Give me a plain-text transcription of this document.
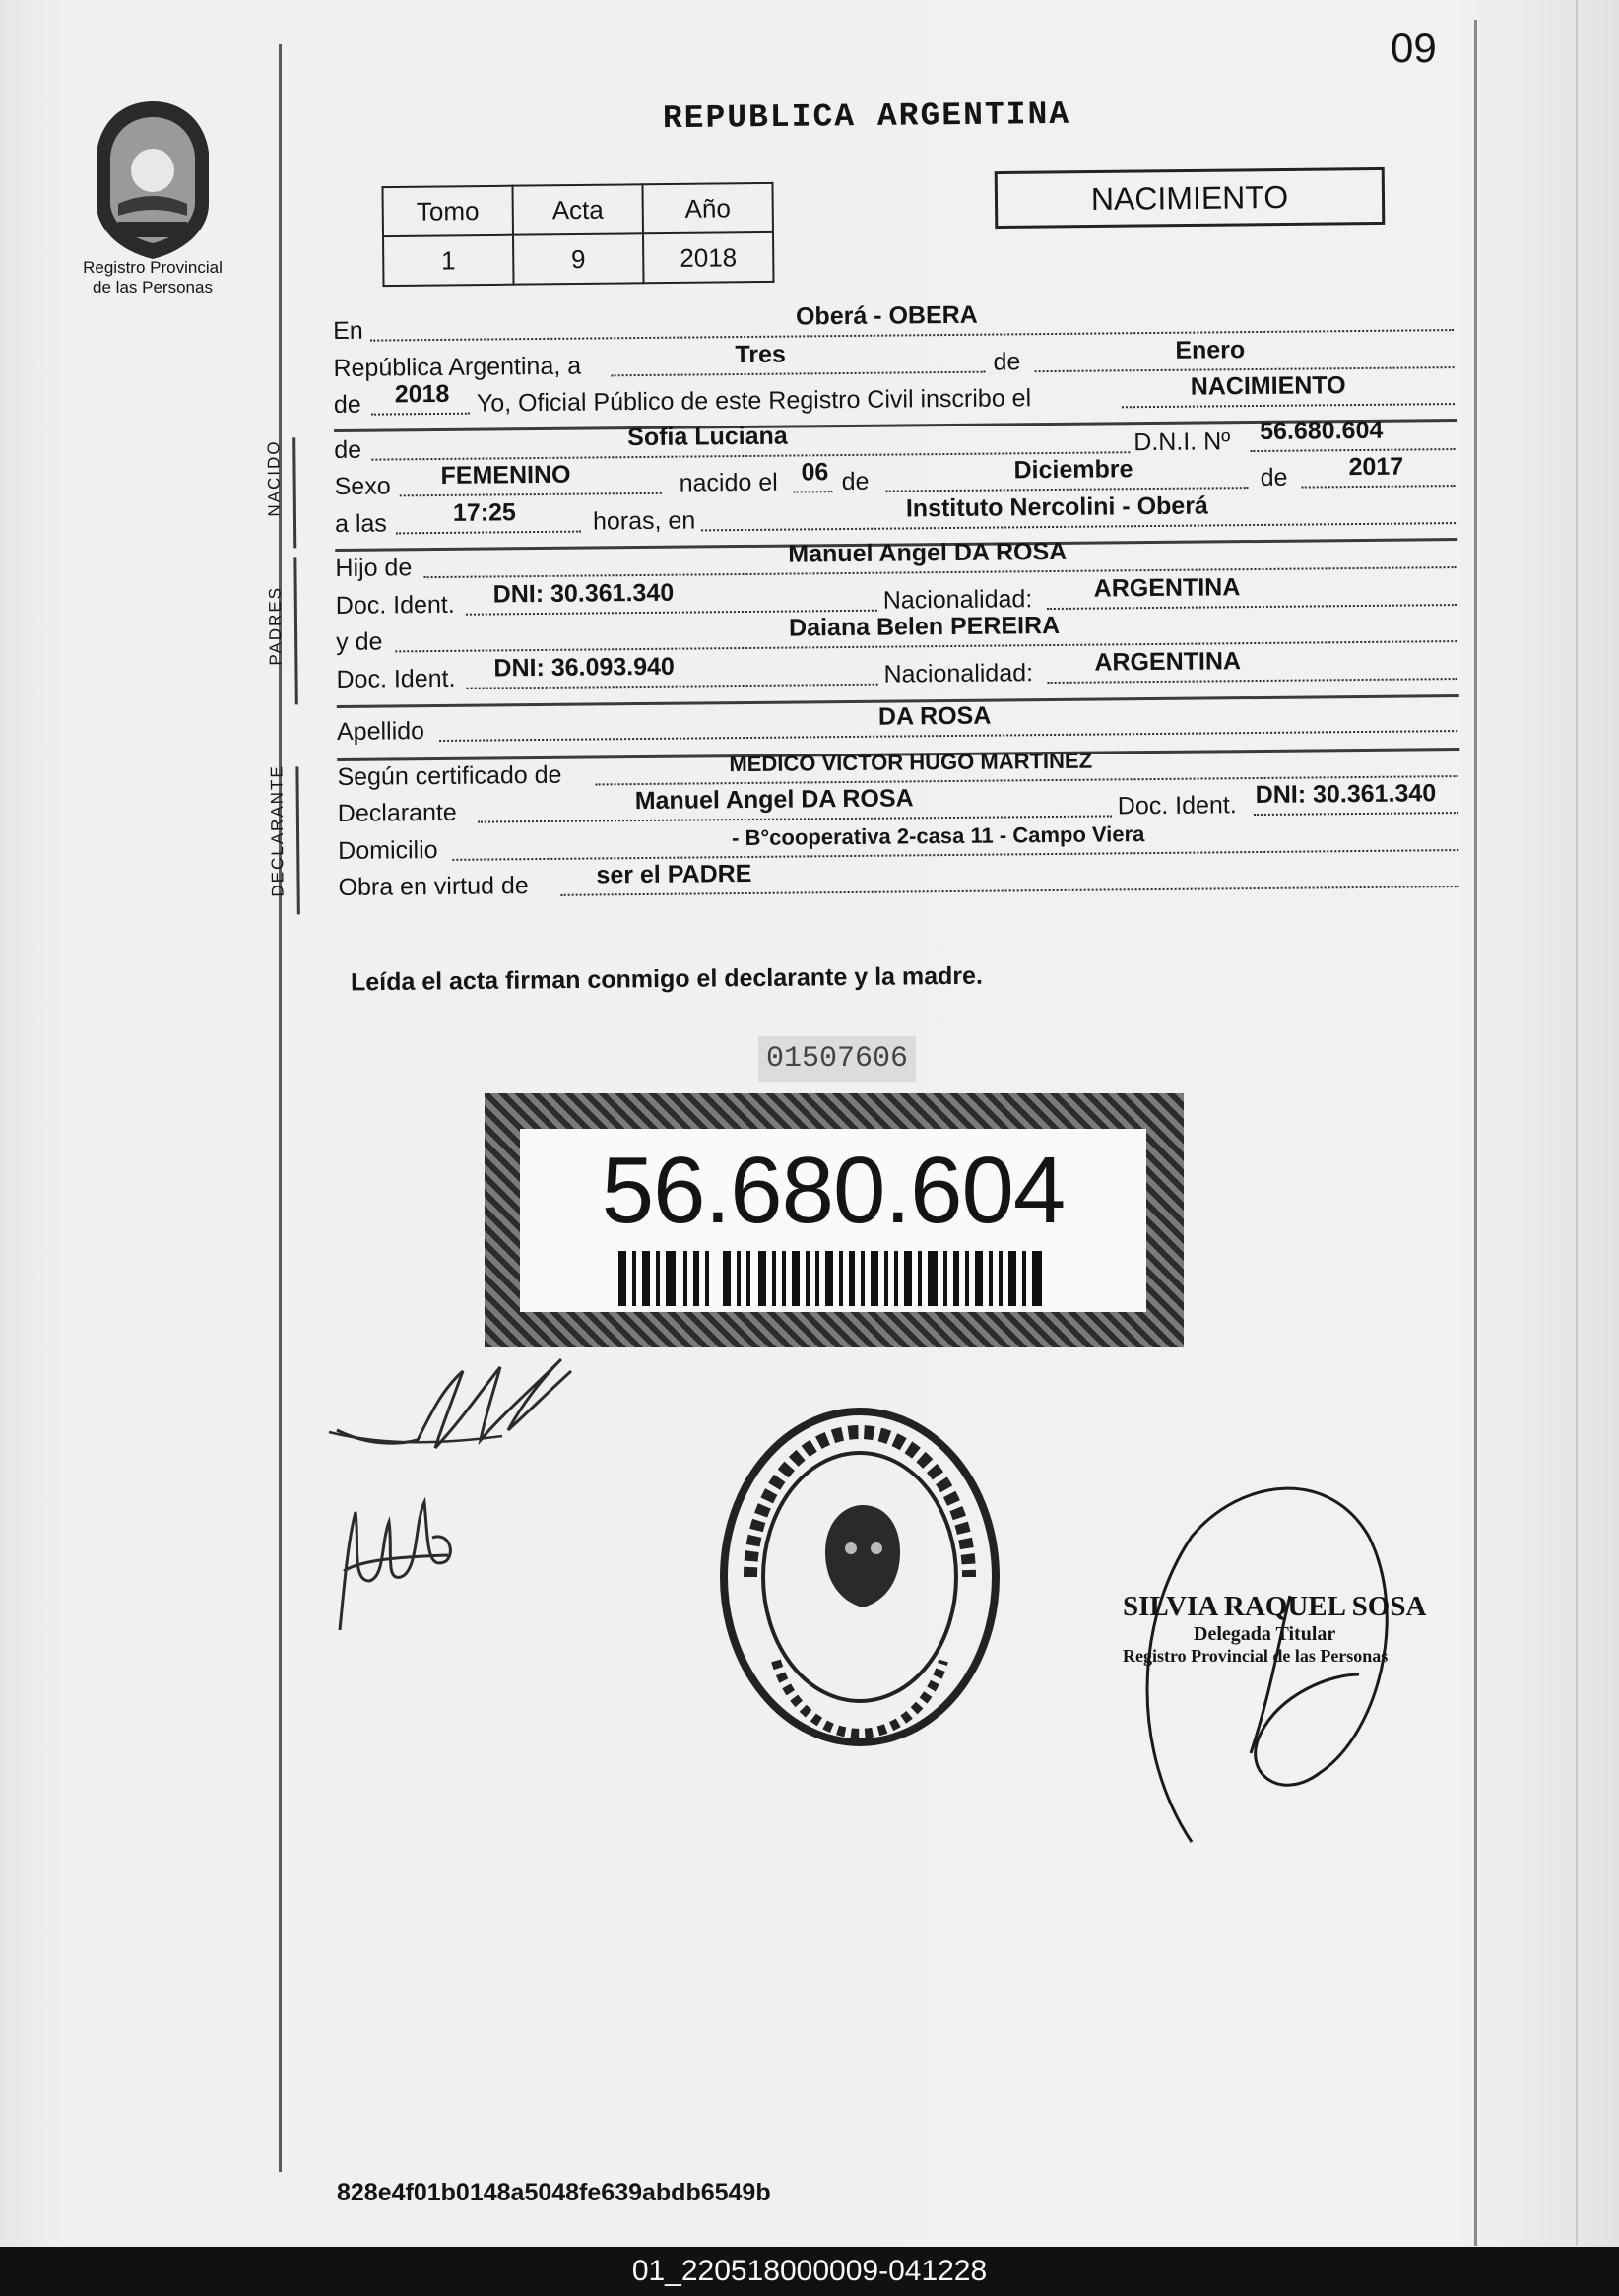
09
Registro Provincial
de las Personas
REPUBLICA ARGENTINA
Tomo	Acta	Año
1	9	2018
NACIMIENTO
En
Oberá - OBERA
República Argentina, a	Tres	de	Enero
de 2018 Yo, Oficial Público de este Registro Civil inscribo el	NACIMIENTO
NACIDO de	Sofia Luciana	D.N.I. Nº 56.680.604
Sexo FEMENINO	nacido el 06 de	Diciembre	de 2017
a las	17:25	horas, en	Instituto Nercolini - Oberá
PADRES
Hijo de
Manuel Angel DA ROSA
Doc. Ident. DNI: 30.361.340	Nacionalidad: ARGENTINA
y de
Daiana Belen PEREIRA
Doc. Ident. DNI: 36.093.940	Nacionalidad: ARGENTINA
Apellido
DA ROSA
DECLARANTE Según certificado de	MEDICO VICTOR HUGO MARTINEZ
Declarante	Manuel Angel DA ROSA	Doc. Ident. DNI: 30.361.340
Domicilio
- B°cooperativa 2-casa 11 - Campo Viera
Obra en virtud de	ser el PADRE
Leída el acta firman conmigo el declarante y la madre.
01507606
56.680.604
SILVIA RAQUEL SOSA
Delegada Titular
Registro Provincial de las Personas
828e4f01b0148a5048fe639abdb6549b
01_220518000009-041228
